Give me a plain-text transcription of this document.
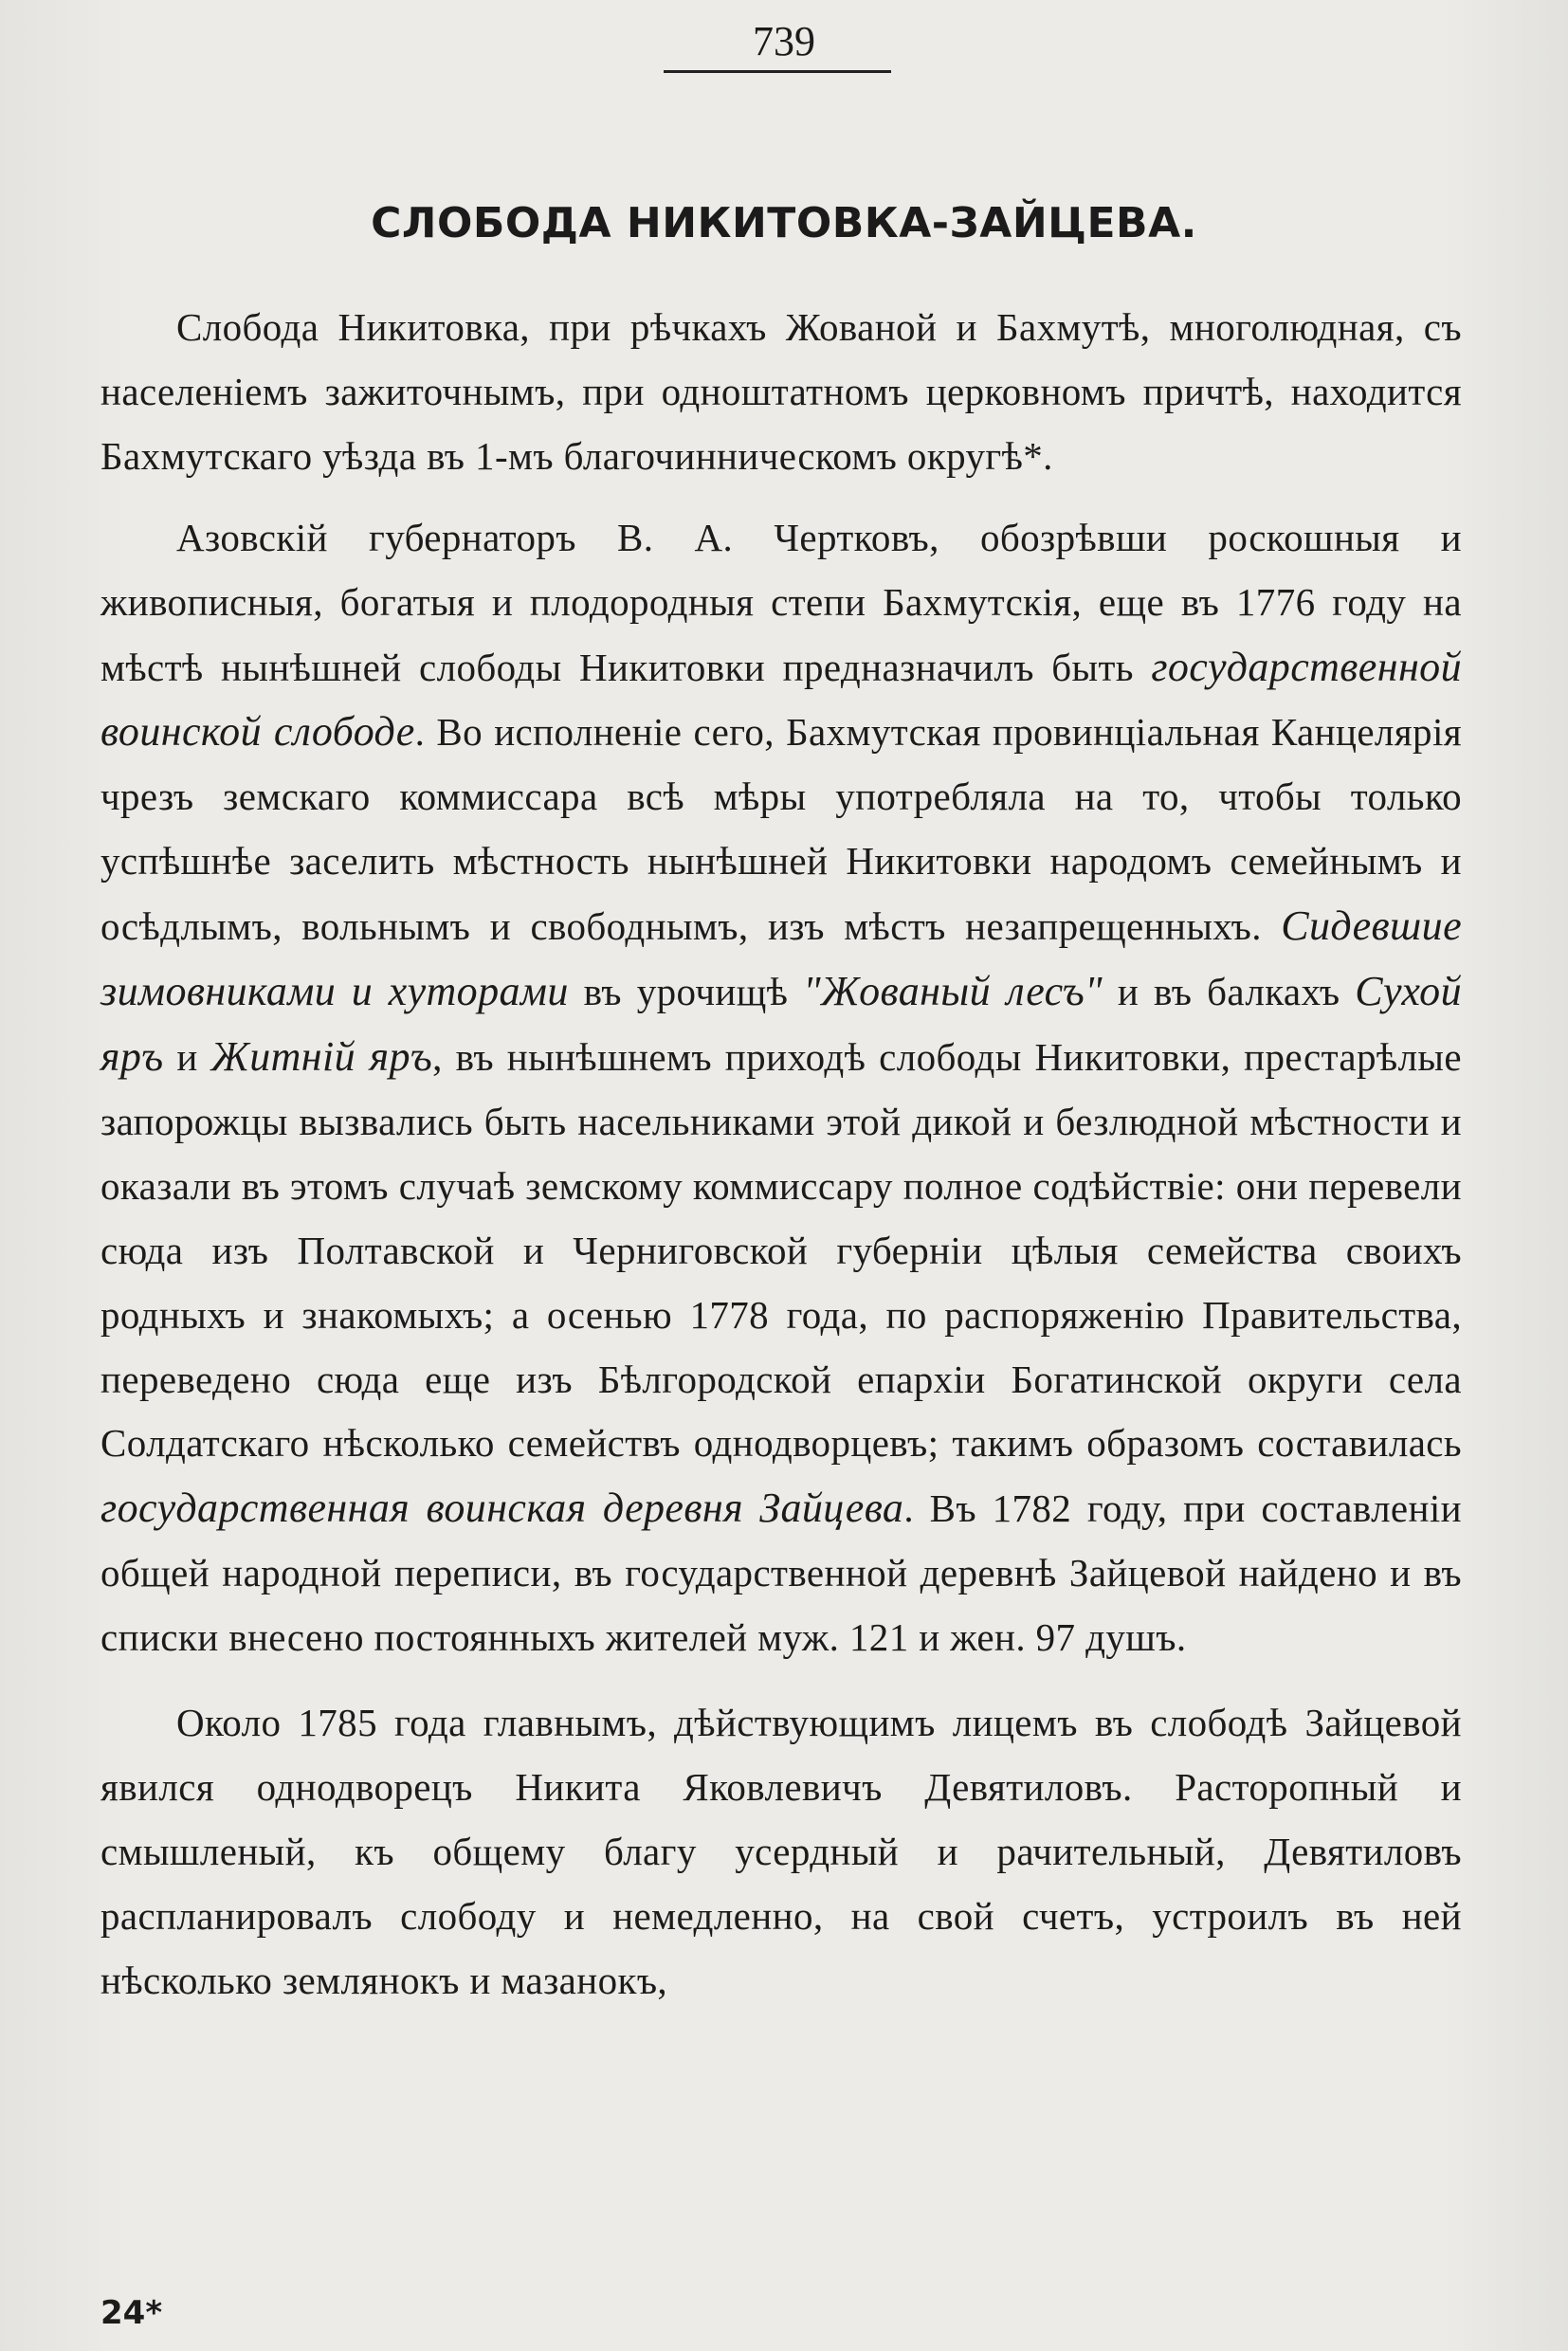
739
СЛОБОДА НИКИТОВКА-ЗАЙЦЕВА.

Слобода Никитовка, при рѣчкахъ Жованой и Бахмутѣ, многолюдная, съ населеніемъ зажиточнымъ, при одноштатномъ церковномъ причтѣ, находится Бахмутскаго уѣзда въ 1-мъ благочинническомъ округѣ*.

Азовскій губернаторъ В. А. Чертковъ, обозрѣвши роскошныя и живописныя, богатыя и плодородныя степи Бахмутскія, еще въ 1776 году на мѣстѣ нынѣшней слободы Никитовки предназначилъ быть государственной воинской слободе. Во исполненіе сего, Бахмутская провинціальная Канцелярія чрезъ земскаго коммиссара всѣ мѣры употребляла на то, чтобы только успѣшнѣе заселить мѣстность нынѣшней Никитовки народомъ семейнымъ и осѣдлымъ, вольнымъ и свободнымъ, изъ мѣстъ незапрещенныхъ. Сидевшие зимовниками и хуторами въ урочищѣ "Жованый лесъ" и въ балкахъ Сухой яръ и Житній яръ, въ нынѣшнемъ приходѣ слободы Никитовки, престарѣлые запорожцы вызвались быть насельниками этой дикой и безлюдной мѣстности и оказали въ этомъ случаѣ земскому коммиссару полное содѣйствіе: они перевели сюда изъ Полтавской и Черниговской губерніи цѣлыя семейства своихъ родныхъ и знакомыхъ; а осенью 1778 года, по распоряженію Правительства, переведено сюда еще изъ Бѣлгородской епархіи Богатинской округи села Солдатскаго нѣсколько семействъ однодворцевъ; такимъ образомъ составилась государственная воинская деревня Зайцева. Въ 1782 году, при составленіи общей народной переписи, въ государственной деревнѣ Зайцевой найдено и въ списки внесено постоянныхъ жителей муж. 121 и жен. 97 душъ.

Около 1785 года главнымъ, дѣйствующимъ лицемъ въ слободѣ Зайцевой явился однодворецъ Никита Яковлевичъ Девятиловъ. Расторопный и смышленый, къ общему благу усердный и рачительный, Девятиловъ распланировалъ слободу и немедленно, на свой счетъ, устроилъ въ ней нѣсколько землянокъ и мазанокъ,

24*
